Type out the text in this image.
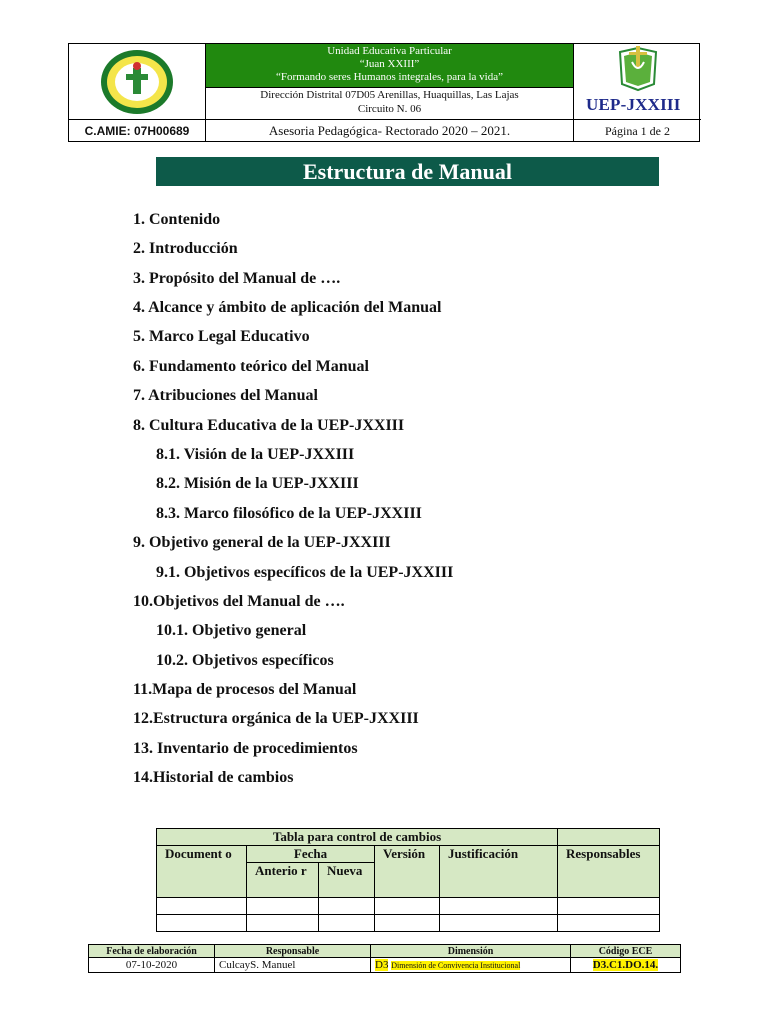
Unidad Educativa Particular
“Juan XXIII”
“Formando seres Humanos integrales, para la vida”
Dirección Distrital 07D05 Arenillas, Huaquillas, Las Lajas
Circuito N. 06	UEP-JXXIII
C.AMIE: 07H00689	Asesoria Pedagógica- Rectorado 2020 – 2021.	Página 1 de 2
Estructura de Manual
1. Contenido
2. Introducción
3. Propósito del Manual de ….
4. Alcance y ámbito de aplicación del Manual
5. Marco Legal Educativo
6. Fundamento teórico del Manual
7. Atribuciones del Manual
8. Cultura Educativa de la UEP-JXXIII
8.1. Visión de la UEP-JXXIII
8.2. Misión de la UEP-JXXIII
8.3. Marco filosófico de la UEP-JXXIII
9. Objetivo general de la UEP-JXXIII
9.1. Objetivos específicos de la UEP-JXXIII
10.Objetivos del Manual de ….
10.1. Objetivo general
10.2. Objetivos específicos
11.Mapa de procesos del Manual
12.Estructura orgánica de la UEP-JXXIII
13. Inventario de procedimientos
14.Historial de cambios
Tabla para control de cambios					
Document o	Fecha		Versión	Justificación	Responsables
	Anterio r	Nueva			

Fecha de elaboración	Responsable	Dimensión	Código ECE
07-10-2020	CulcayS. Manuel	D3 Dimensión de Convivencia Institucional	D3.C1.DO.14.
